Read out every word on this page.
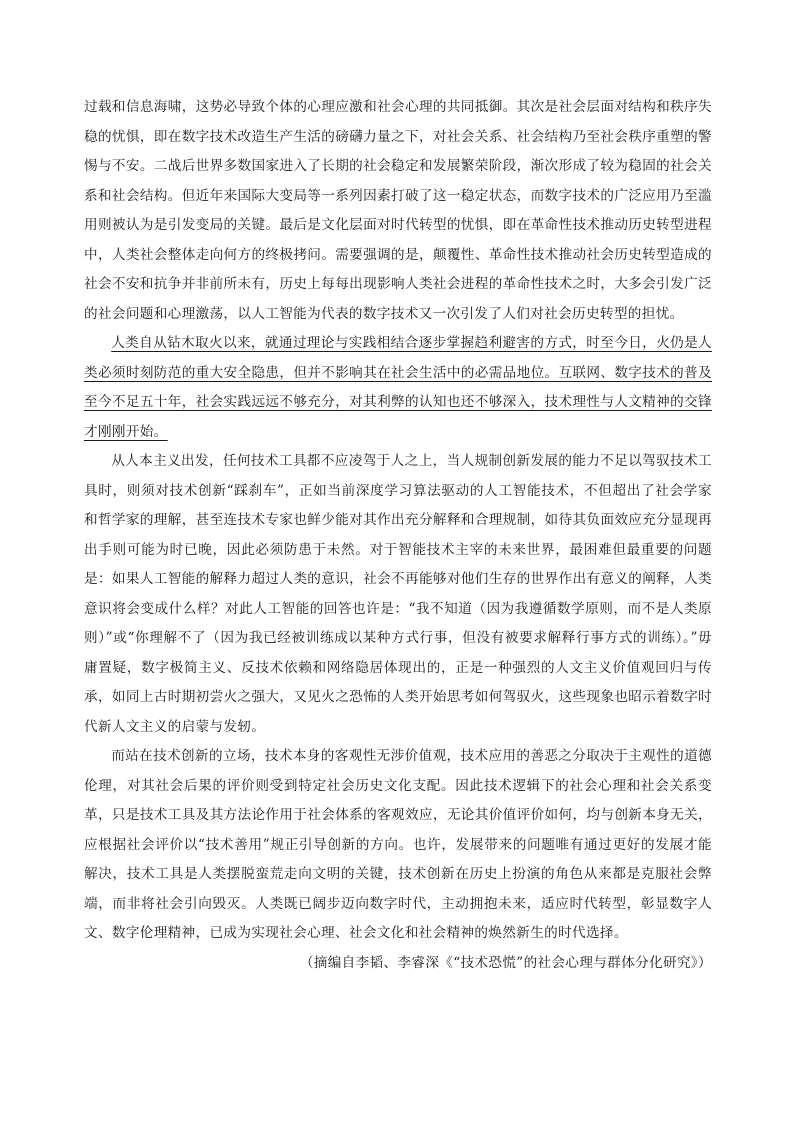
过载和信息海啸，这势必导致个体的心理应激和社会心理的共同抵御。其次是社会层面对结构和秩序失稳的忧惧，即在数字技术改造生产生活的磅礴力量之下，对社会关系、社会结构乃至社会秩序重塑的警惕与不安。二战后世界多数国家进入了长期的社会稳定和发展繁荣阶段，渐次形成了较为稳固的社会关系和社会结构。但近年来国际大变局等一系列因素打破了这一稳定状态，而数字技术的广泛应用乃至滥用则被认为是引发变局的关键。最后是文化层面对时代转型的忧惧，即在革命性技术推动历史转型进程中，人类社会整体走向何方的终极拷问。需要强调的是，颠覆性、革命性技术推动社会历史转型造成的社会不安和抗争并非前所未有，历史上每每出现影响人类社会进程的革命性技术之时，大多会引发广泛的社会问题和心理激荡，以人工智能为代表的数字技术又一次引发了人们对社会历史转型的担忧。

人类自从钻木取火以来，就通过理论与实践相结合逐步掌握趋利避害的方式，时至今日，火仍是人类必须时刻防范的重大安全隐患，但并不影响其在社会生活中的必需品地位。互联网、数字技术的普及至今不足五十年，社会实践远远不够充分，对其利弊的认知也还不够深入，技术理性与人文精神的交锋才刚刚开始。

从人本主义出发，任何技术工具都不应凌驾于人之上，当人规制创新发展的能力不足以驾驭技术工具时，则须对技术创新“踩刹车”，正如当前深度学习算法驱动的人工智能技术，不但超出了社会学家和哲学家的理解，甚至连技术专家也鲜少能对其作出充分解释和合理规制，如待其负面效应充分显现再出手则可能为时已晚，因此必须防患于未然。对于智能技术主宰的未来世界，最困难但最重要的问题是：如果人工智能的解释力超过人类的意识，社会不再能够对他们生存的世界作出有意义的阐释，人类意识将会变成什么样？对此人工智能的回答也许是：“我不知道（因为我遵循数学原则，而不是人类原则）”或“你理解不了（因为我已经被训练成以某种方式行事，但没有被要求解释行事方式的训练）。”毋庸置疑，数字极简主义、反技术依赖和网络隐居体现出的，正是一种强烈的人文主义价值观回归与传承，如同上古时期初尝火之强大，又见火之恐怖的人类开始思考如何驾驭火，这些现象也昭示着数字时代新人文主义的启蒙与发轫。

而站在技术创新的立场，技术本身的客观性无涉价值观，技术应用的善恶之分取决于主观性的道德伦理，对其社会后果的评价则受到特定社会历史文化支配。因此技术逻辑下的社会心理和社会关系变革，只是技术工具及其方法论作用于社会体系的客观效应，无论其价值评价如何，均与创新本身无关，应根据社会评价以“技术善用”规正引导创新的方向。也许，发展带来的问题唯有通过更好的发展才能解决，技术工具是人类摆脱蛮荒走向文明的关键，技术创新在历史上扮演的角色从来都是克服社会弊端，而非将社会引向毁灭。人类既已阔步迈向数字时代，主动拥抱未来，适应时代转型，彰显数字人文、数字伦理精神，已成为实现社会心理、社会文化和社会精神的焕然新生的时代选择。

（摘编自李韬、李睿深《“技术恐慌”的社会心理与群体分化研究》）
